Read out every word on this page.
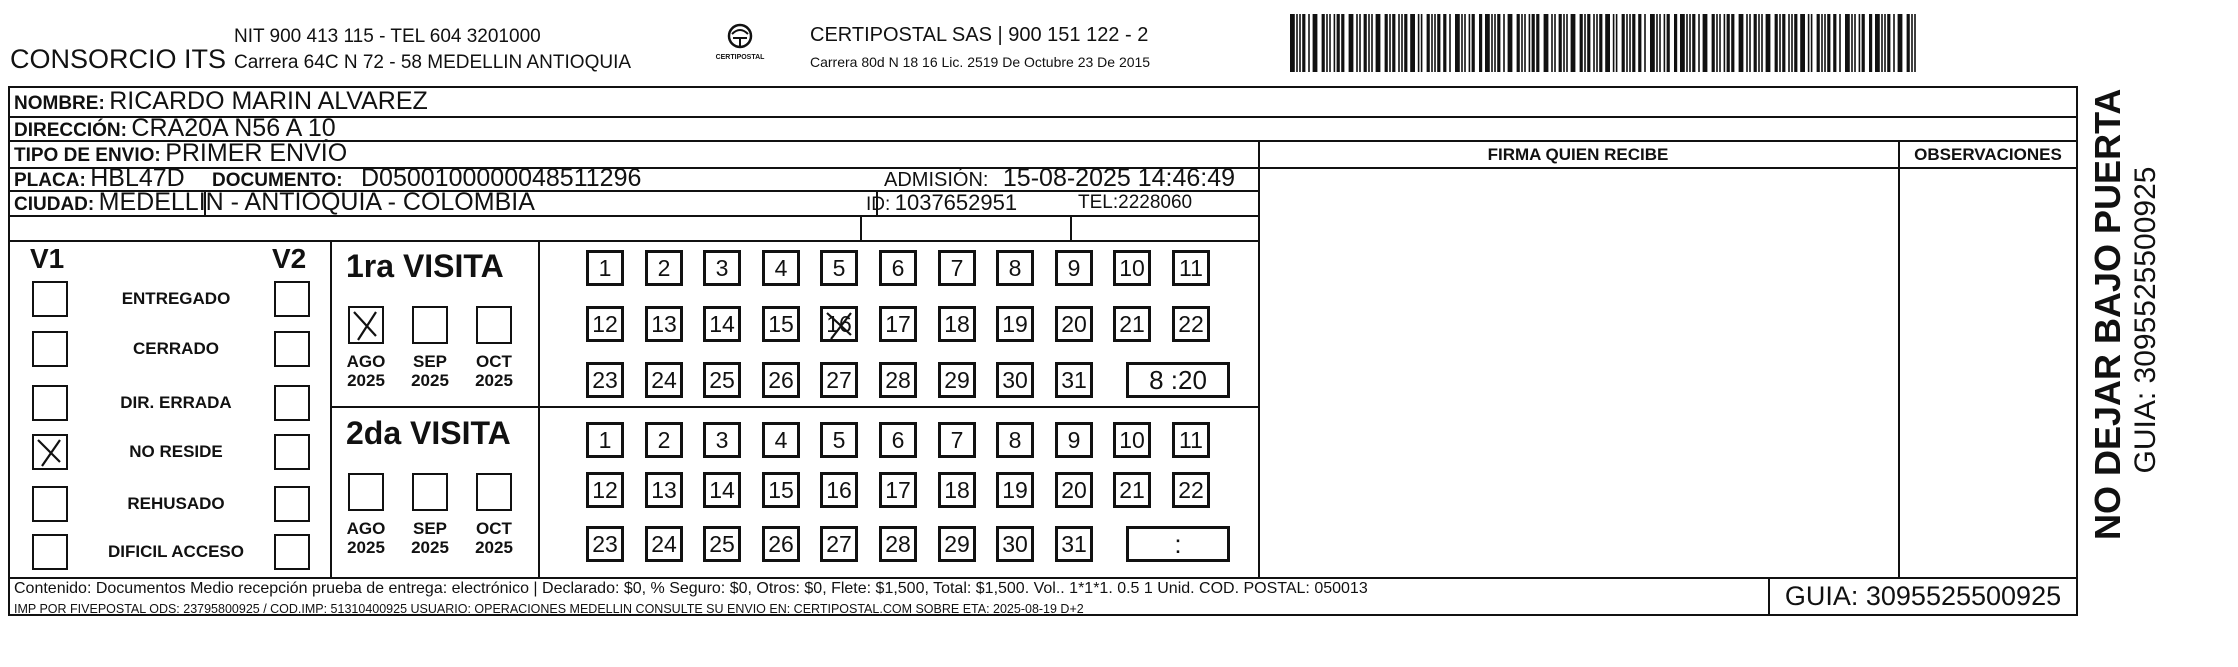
CONSORCIO ITS
NIT 900 413 115 - TEL 604 3201000
Carrera 64C N 72 - 58 MEDELLIN ANTIOQUIA	CERTIPOSTAL
CERTIPOSTAL SAS | 900 151 122 - 2
Carrera 80d N 18 16 Lic. 2519 De Octubre 23 De 2015
NOMBRE: RICARDO MARIN ALVAREZ
DIRECCIÓN: CRA20A N56 A 10
TIPO DE ENVIO: PRIMER ENVÍO
PLACA: HBL47D DOCUMENTO: D0500100000048511296	ADMISIÓN: 15-08-2025 14:46:49
CIUDAD: MEDELLIN - ANTIOQUIA - COLOMBIA	ID: 1037652951	TEL:2228060
FIRMA QUIEN RECIBE	OBSERVACIONES
V1	V2
ENTREGADO
CERRADO
DIR. ERRADA
NO RESIDE
REHUSADO
DIFICIL ACCESO
1ra VISITA
AGO
2025
SEP
2025
OCT
2025
1	2	3	4	5	6	7	8	9	10	11
12 13 14 15 16 17 18 19 20 21 22
23 24 25 26 27 28 29 30 31	8 :20
2da VISITA
AGO
2025
SEP
2025
OCT
2025
1	2	3	4	5	6	7	8	9	10	11
12 13 14 15 16 17 18 19 20 21 22
23 24 25 26 27 28 29 30 31	:
Contenido: Documentos Medio recepción prueba de entrega: electrónico | Declarado: $0, % Seguro: $0, Otros: $0, Flete: $1,500, Total: $1,500. Vol.. 1*1*1. 0.5 1 Unid. COD. POSTAL: 050013
IMP POR FIVEPOSTAL ODS: 23795800925 / COD.IMP: 51310400925 USUARIO: OPERACIONES MEDELLIN CONSULTE SU ENVIO EN: CERTIPOSTAL.COM SOBRE ETA: 2025-08-19 D+2	GUIA: 3095525500925
NO DEJAR BAJO PUERTA GUIA: 3095525500925
